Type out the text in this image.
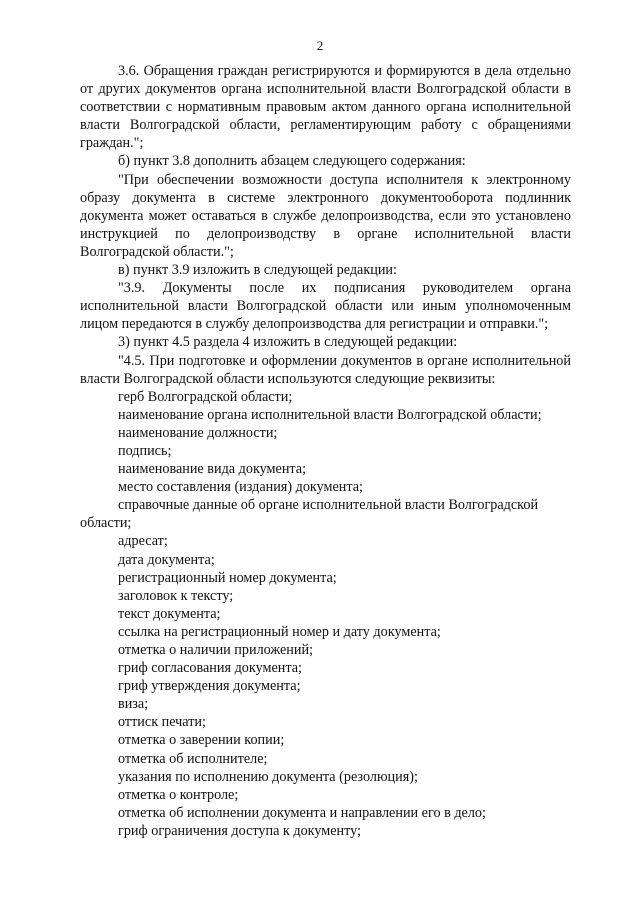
2

3.6. Обращения граждан регистрируются и формируются в дела отдельно от других документов органа исполнительной власти Волгоградской области в соответствии с нормативным правовым актом данного органа исполнительной власти Волгоградской области, регламентирующим работу с обращениями граждан.";

б) пункт 3.8 дополнить абзацем следующего содержания:

"При обеспечении возможности доступа исполнителя к электронному образу документа в системе электронного документооборота подлинник документа может оставаться в службе делопроизводства, если это установлено инструкцией по делопроизводству в органе исполнительной власти Волгоградской области.";

в) пункт 3.9 изложить в следующей редакции:

"3.9. Документы после их подписания руководителем органа исполнительной власти Волгоградской области или иным уполномоченным лицом передаются в службу делопроизводства для регистрации и отправки.";

3) пункт 4.5 раздела 4 изложить в следующей редакции:

"4.5. При подготовке и оформлении документов в органе исполнительной власти Волгоградской области используются следующие реквизиты:

герб Волгоградской области;

наименование органа исполнительной власти Волгоградской области;

наименование должности;

подпись;

наименование вида документа;

место составления (издания) документа;

справочные данные об органе исполнительной власти Волгоградской области;

адресат;

дата документа;

регистрационный номер документа;

заголовок к тексту;

текст документа;

ссылка на регистрационный номер и дату документа;

отметка о наличии приложений;

гриф согласования документа;

гриф утверждения документа;

виза;

оттиск печати;

отметка о заверении копии;

отметка об исполнителе;

указания по исполнению документа (резолюция);

отметка о контроле;

отметка об исполнении документа и направлении его в дело;

гриф ограничения доступа к документу;
